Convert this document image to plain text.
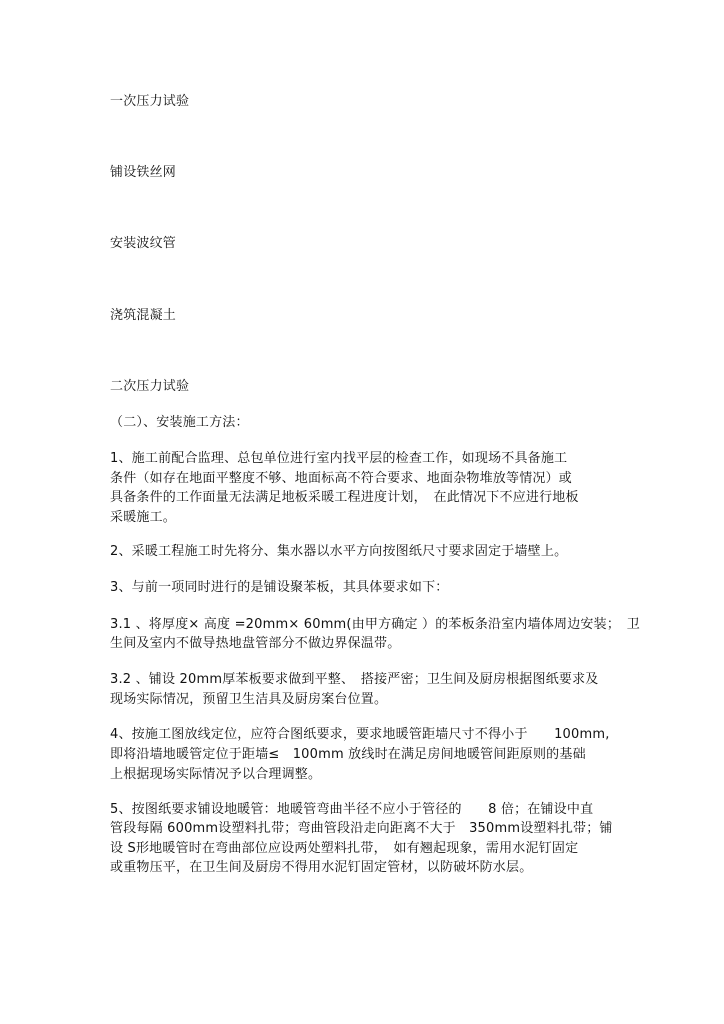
一次压力试验
铺设铁丝网
安装波纹管
浇筑混凝土
二次压力试验
（二）、安装施工方法：
1、施工前配合监理、总包单位进行室内找平层的检查工作，如现场不具备施工
条件（如存在地面平整度不够、地面标高不符合要求、地面杂物堆放等情况）或
具备条件的工作面量无法满足地板采暖工程进度计划，　在此情况下不应进行地板
采暖施工。
2、采暖工程施工时先将分、集水器以水平方向按图纸尺寸要求固定于墙壁上。
3、与前一项同时进行的是铺设聚苯板，其具体要求如下：
3.1 、将厚度× 高度 =20mm× 60mm(由甲方确定 ）的苯板条沿室内墙体周边安装；　卫
生间及室内不做导热地盘管部分不做边界保温带。
3.2 、铺设 20mm厚苯板要求做到平整、　搭接严密；卫生间及厨房根据图纸要求及
现场实际情况，预留卫生洁具及厨房案台位置。
4、按施工图放线定位，应符合图纸要求，要求地暖管距墙尺寸不得小于　　100mm,
即将沿墙地暖管定位于距墙≤　100mm 放线时在满足房间地暖管间距原则的基础
上根据现场实际情况予以合理调整。
5、按图纸要求铺设地暖管：地暖管弯曲半径不应小于管径的　　8 倍；在铺设中直
管段每隔 600mm设塑料扎带；弯曲管段沿走向距离不大于　350mm设塑料扎带；铺
设 S形地暖管时在弯曲部位应设两处塑料扎带，　如有翘起现象，需用水泥钉固定
或重物压平，在卫生间及厨房不得用水泥钉固定管材，以防破坏防水层。
